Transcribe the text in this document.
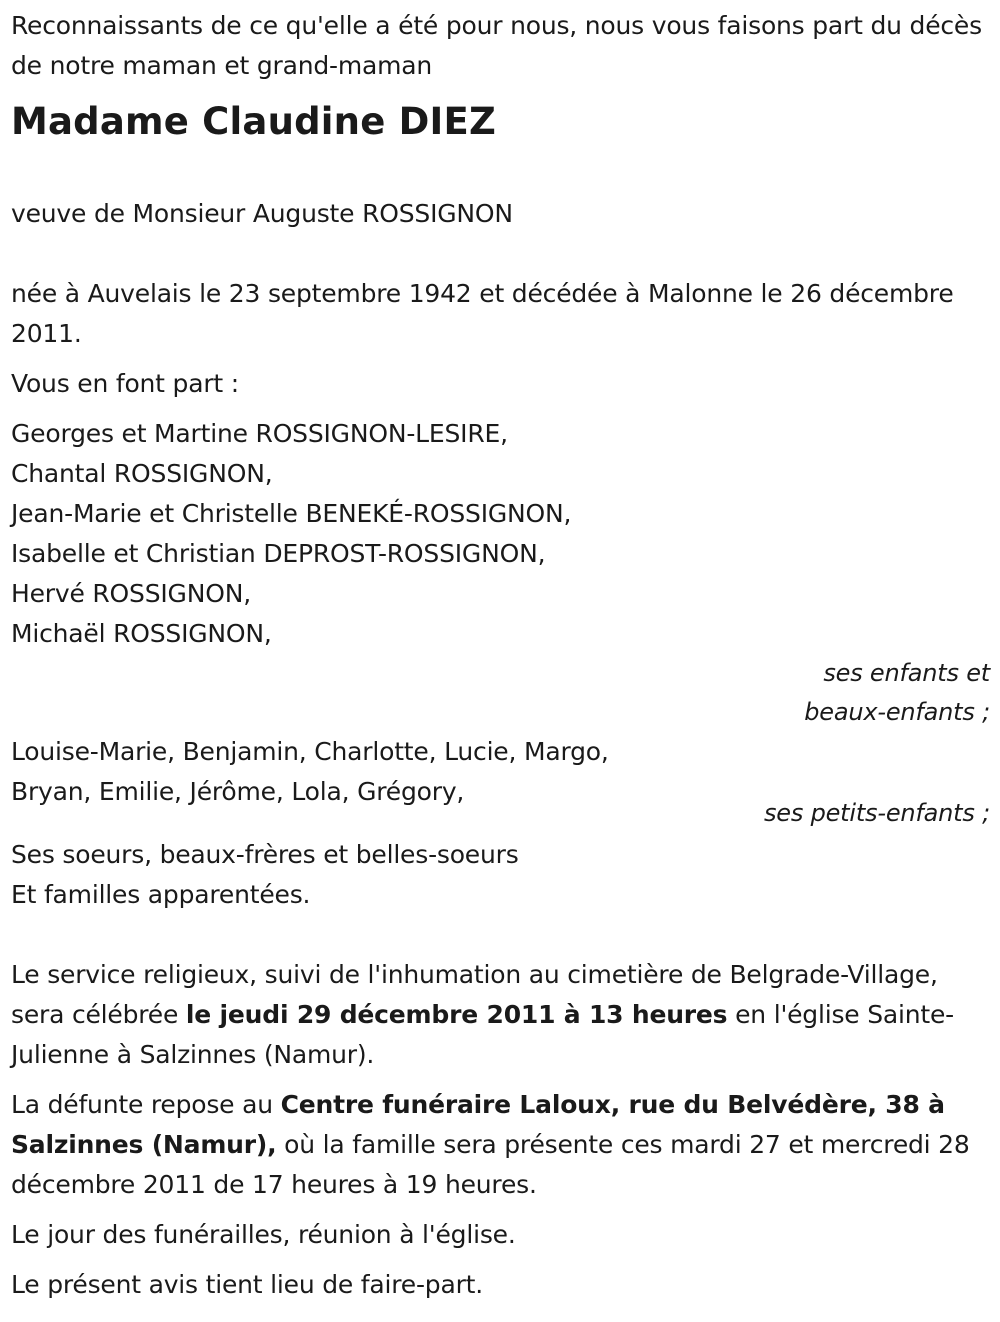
Reconnaissants de ce qu'elle a été pour nous, nous vous faisons part du décès de notre maman et grand-maman

Madame Claudine DIEZ

veuve de Monsieur Auguste ROSSIGNON

née à Auvelais le 23 septembre 1942 et décédée à Malonne le 26 décembre 2011.

Vous en font part :

Georges et Martine ROSSIGNON-LESIRE,
Chantal ROSSIGNON,
Jean-Marie et Christelle BENEKÉ-ROSSIGNON,
Isabelle et Christian DEPROST-ROSSIGNON,
Hervé ROSSIGNON,
Michaël ROSSIGNON,
ses enfants et
beaux-enfants ;
Louise-Marie, Benjamin, Charlotte, Lucie, Margo,
Bryan, Emilie, Jérôme, Lola, Grégory,
ses petits-enfants ;
Ses soeurs, beaux-frères et belles-soeurs
Et familles apparentées.

Le service religieux, suivi de l'inhumation au cimetière de Belgrade-Village, sera célébrée le jeudi 29 décembre 2011 à 13 heures en l'église Sainte-Julienne à Salzinnes (Namur).

La défunte repose au Centre funéraire Laloux, rue du Belvédère, 38 à Salzinnes (Namur), où la famille sera présente ces mardi 27 et mercredi 28 décembre 2011 de 17 heures à 19 heures.

Le jour des funérailles, réunion à l'église.

Le présent avis tient lieu de faire-part.
